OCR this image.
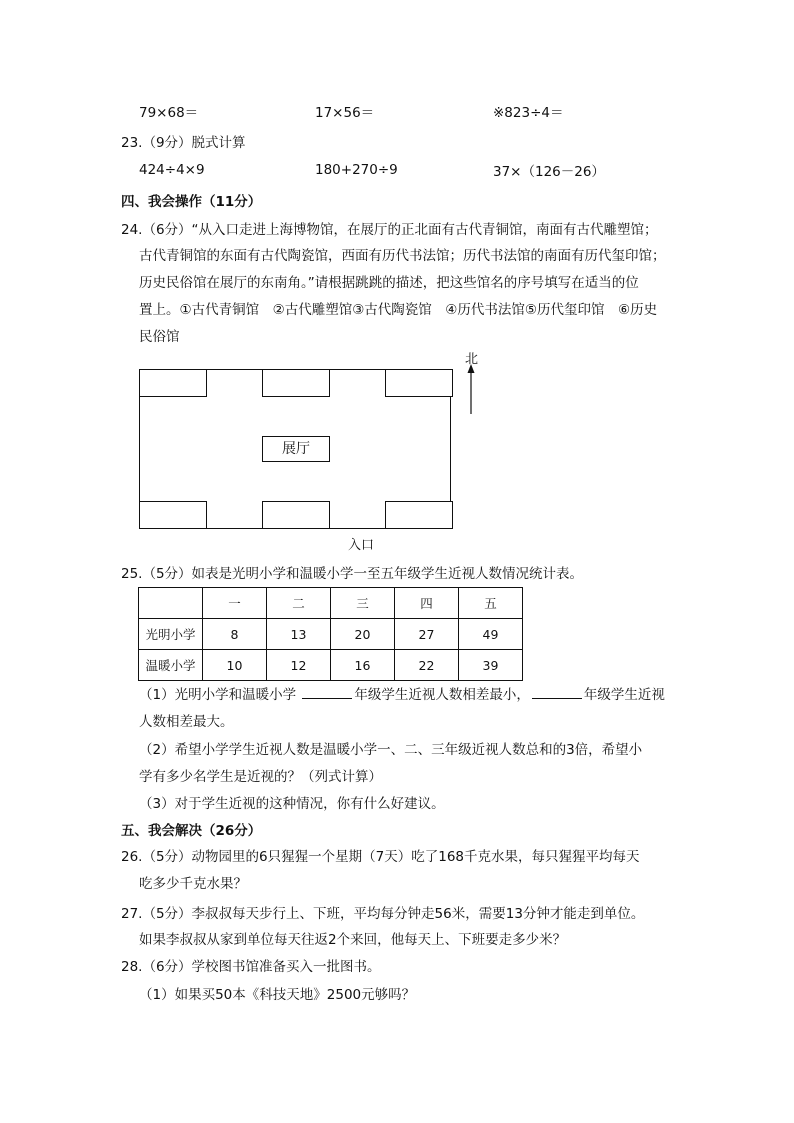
79×68＝	17×56＝	※823÷4＝
23.（9分）脱式计算
424÷4×9	180+270÷9	37×（126－26）
四、我会操作（11分）
24.（6分）“从入口走进上海博物馆，在展厅的正北面有古代青铜馆，南面有古代雕塑馆；
古代青铜馆的东面有古代陶瓷馆，西面有历代书法馆；历代书法馆的南面有历代玺印馆；
历史民俗馆在展厅的东南角。”请根据跳跳的描述，把这些馆名的序号填写在适当的位
置上。①古代青铜馆　②古代雕塑馆③古代陶瓷馆　④历代书法馆⑤历代玺印馆　⑥历史
民俗馆
展厅
北
入口
25.（5分）如表是光明小学和温暖小学一至五年级学生近视人数情况统计表。
	一	二	三	四	五
光明小学	8	13	20	27	49
温暖小学	10	12	16	22	39
（1）光明小学和温暖小学	年级学生近视人数相差最小，	年级学生近视
人数相差最大。
（2）希望小学学生近视人数是温暖小学一、二、三年级近视人数总和的3倍，希望小
学有多少名学生是近视的？（列式计算）
（3）对于学生近视的这种情况，你有什么好建议。
五、我会解决（26分）
26.（5分）动物园里的6只猩猩一个星期（7天）吃了168千克水果，每只猩猩平均每天
吃多少千克水果？
27.（5分）李叔叔每天步行上、下班，平均每分钟走56米，需要13分钟才能走到单位。
如果李叔叔从家到单位每天往返2个来回，他每天上、下班要走多少米？
28.（6分）学校图书馆准备买入一批图书。
（1）如果买50本《科技天地》2500元够吗？
